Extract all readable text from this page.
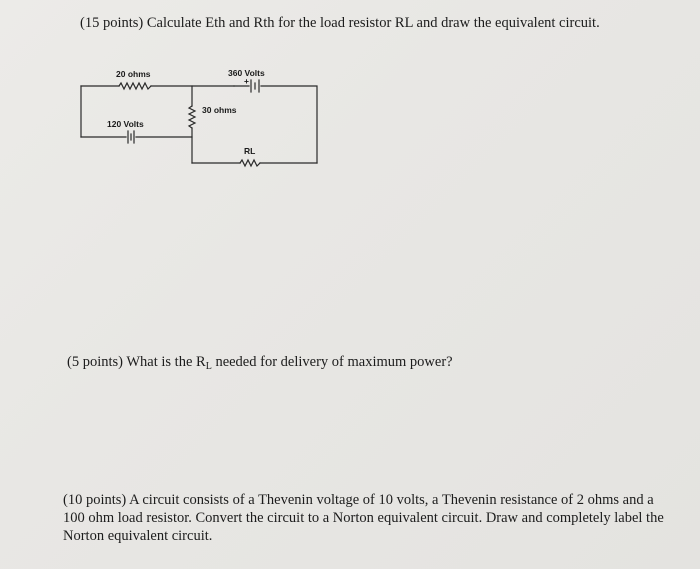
(15 points) Calculate Eth and Rth for the load resistor RL and draw the equivalent circuit.

20 ohms	360 Volts
+
30 ohms
120 Volts
RL

(5 points) What is the $R_L$ needed for delivery of maximum power?

(10 points) A circuit consists of a Thevenin voltage of 10 volts, a Thevenin resistance of 2 ohms and a 100 ohm load resistor. Convert the circuit to a Norton equivalent circuit. Draw and completely label the Norton equivalent circuit.
